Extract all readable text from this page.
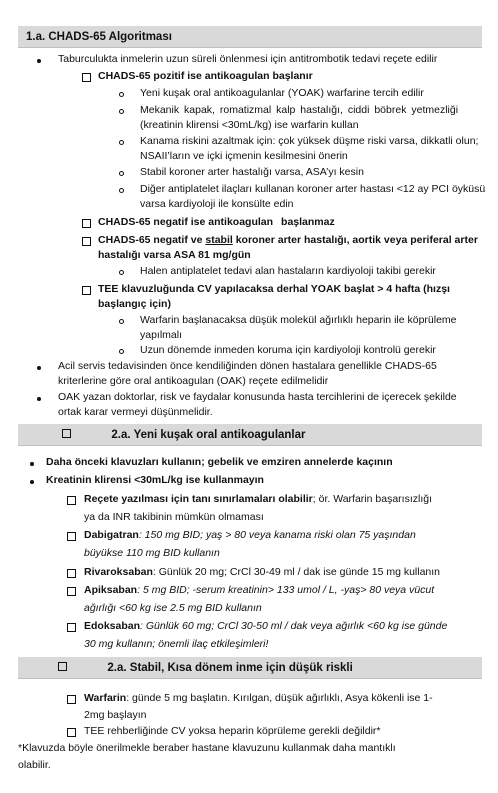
1.a. CHADS-65 Algoritması
Taburculukta inmelerin uzun süreli önlenmesi için antitrombotik tedavi reçete edilir
CHADS-65 pozitif ise antikoagulan başlanır
Yeni kuşak oral antikoagulanlar (YOAK) warfarine tercih edilir
Mekanik kapak, romatizmal kalp hastalığı, ciddi böbrek yetmezliği
(kreatinin klirensi <30mL/kg) ise warfarin kullan
Kanama riskini azaltmak için: çok yüksek düşme riski varsa, dikkatli olun;
NSAII’ların ve içki içmenin kesilmesini önerin
Stabil koroner arter hastalığı varsa, ASA’yı kesin
Diğer antiplatelet ilaçları kullanan koroner arter hastası <12 ay PCI öyküsü
varsa kardiyoloji ile konsülte edin
CHADS-65 negatif ise antikoagulan başlanmaz
CHADS-65 negatif ve stabil koroner arter hastalığı, aortik veya periferal arter
hastalığı varsa ASA 81 mg/gün
Halen antiplatelet tedavi alan hastaların kardiyoloji takibi gerekir
TEE klavuzluğunda CV yapılacaksa derhal YOAK başlat > 4 hafta (hızşı
başlangıç için)
Warfarin başlanacaksa düşük molekül ağırlıklı heparin ile köprüleme
yapılmalı
Uzun dönemde inmeden koruma için kardiyoloji kontrolü gerekir
Acil servis tedavisinden önce kendiliğinden dönen hastalara genellikle CHADS-65
kriterlerine göre oral antikoagulan (OAK) reçete edilmelidir
OAK yazan doktorlar, risk ve faydalar konusunda hasta tercihlerini de içerecek şekilde
ortak karar vermeyi düşünmelidir.
2.a. Yeni kuşak oral antikoagulanlar
Daha önceki klavuzları kullanın; gebelik ve emziren annelerde kaçının
Kreatinin klirensi <30mL/kg ise kullanmayın
Reçete yazılması için tanı sınırlamaları olabilir; ör. Warfarin başarısızlığı
ya da INR takibinin mümkün olmaması
Dabigatran: 150 mg BID; yaş > 80 veya kanama riski olan 75 yaşından
büyükse 110 mg BID kullanın
Rivaroksaban: Günlük 20 mg; CrCl 30-49 ml / dak ise günde 15 mg kullanın
Apiksaban: 5 mg BID; -serum kreatinin> 133 umol / L, -yaş> 80 veya vücut
ağırlığı <60 kg ise 2.5 mg BID kullanın
Edoksaban: Günlük 60 mg; CrCl 30-50 ml / dak veya ağırlık <60 kg ise günde
30 mg kullanın; önemli ilaç etkileşimleri!
2.a. Stabil, Kısa dönem inme için düşük riskli
Warfarin: günde 5 mg başlatın. Kırılgan, düşük ağırlıklı, Asya kökenli ise 1-
2mg başlayın
TEE rehberliğinde CV yoksa heparin köprüleme gerekli değildir*
*Klavuzda böyle önerilmekle beraber hastane klavuzunu kullanmak daha mantıklı
olabilir.
